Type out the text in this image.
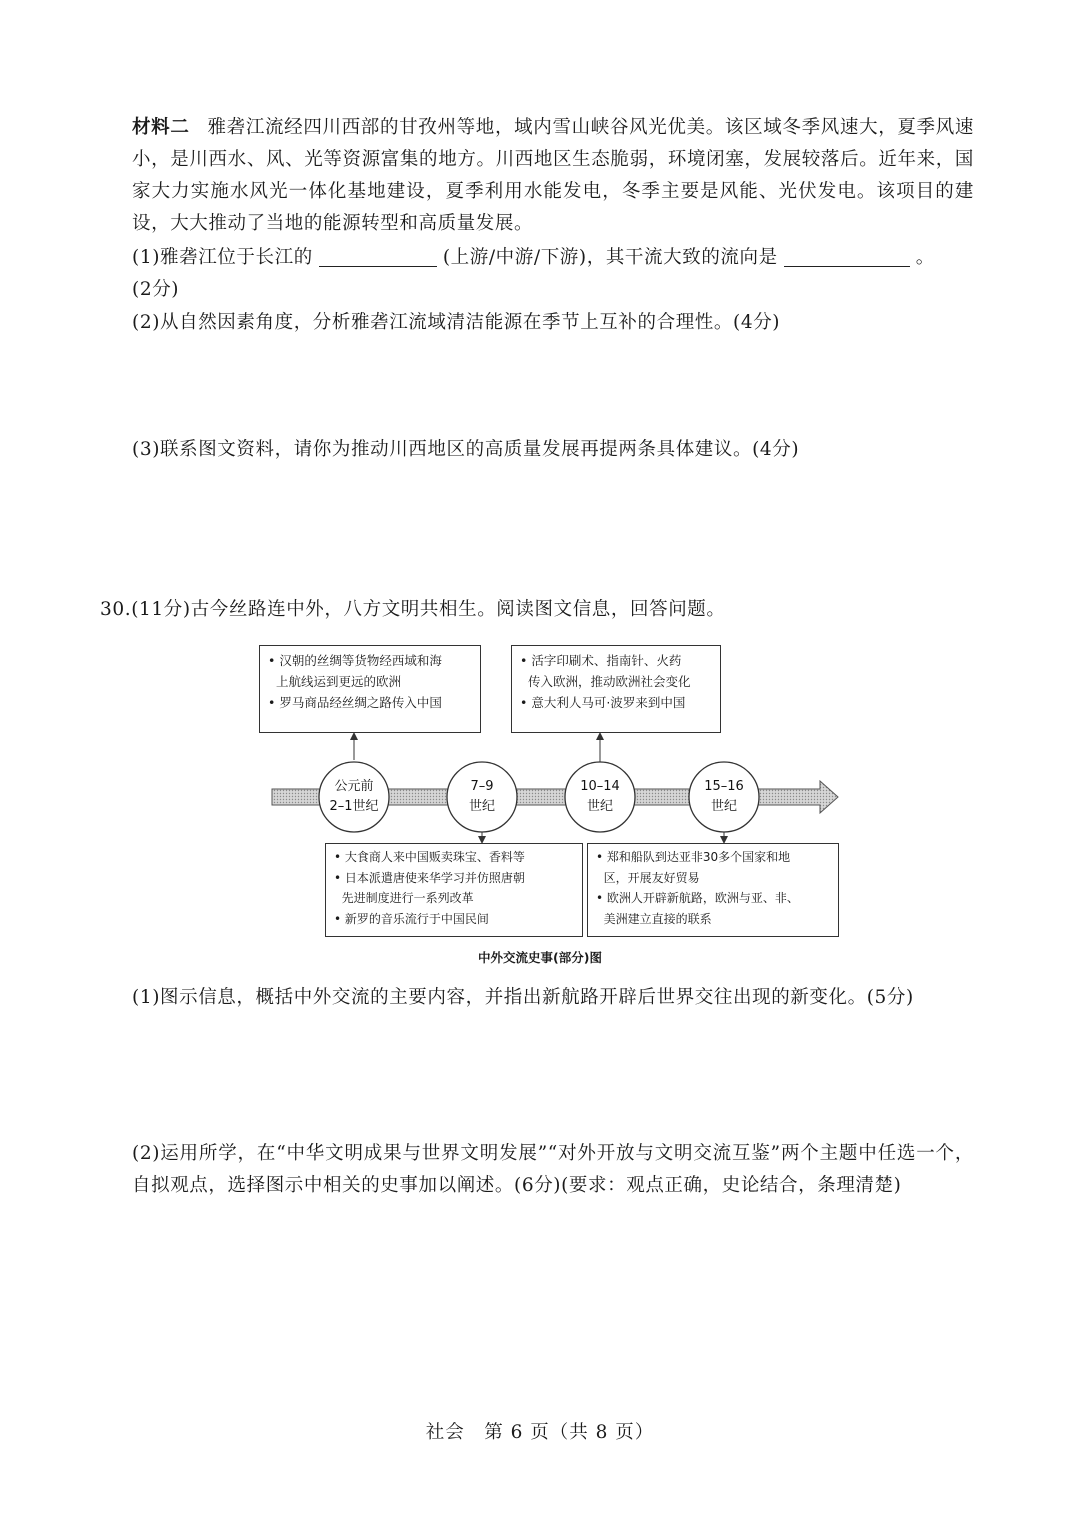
材料二 雅砻江流经四川西部的甘孜州等地，域内雪山峡谷风光优美。该区域冬季风速大，夏季风速小，是川西水、风、光等资源富集的地方。川西地区生态脆弱，环境闭塞，发展较落后。近年来，国家大力实施水风光一体化基地建设，夏季利用水能发电，冬季主要是风能、光伏发电。该项目的建设，大大推动了当地的能源转型和高质量发展。
(1)雅砻江位于长江的	(上游/中游/下游)，其干流大致的流向是	。
(2分)
(2)从自然因素角度，分析雅砻江流域清洁能源在季节上互补的合理性。(4分)
(3)联系图文资料，请你为推动川西地区的高质量发展再提两条具体建议。(4分)
30.(11分)古今丝路连中外，八方文明共相生。阅读图文信息，回答问题。
公元前
2–1世纪
7–9
世纪
10–14
世纪
15–16
世纪
• 汉朝的丝绸等货物经西域和海
上航线运到更远的欧洲
• 罗马商品经丝绸之路传入中国
• 活字印刷术、指南针、火药
传入欧洲，推动欧洲社会变化
• 意大利人马可·波罗来到中国
• 大食商人来中国贩卖珠宝、香料等
• 日本派遣唐使来华学习并仿照唐朝
先进制度进行一系列改革
• 新罗的音乐流行于中国民间
• 郑和船队到达亚非30多个国家和地
区，开展友好贸易
• 欧洲人开辟新航路，欧洲与亚、非、
美洲建立直接的联系
中外交流史事(部分)图
(1)图示信息，概括中外交流的主要内容，并指出新航路开辟后世界交往出现的新变化。(5分)
(2)运用所学，在“中华文明成果与世界文明发展”“对外开放与文明交流互鉴”两个主题中任选一个，自拟观点，选择图示中相关的史事加以阐述。(6分)(要求：观点正确，史论结合，条理清楚)
社会　第 6 页（共 8 页）
